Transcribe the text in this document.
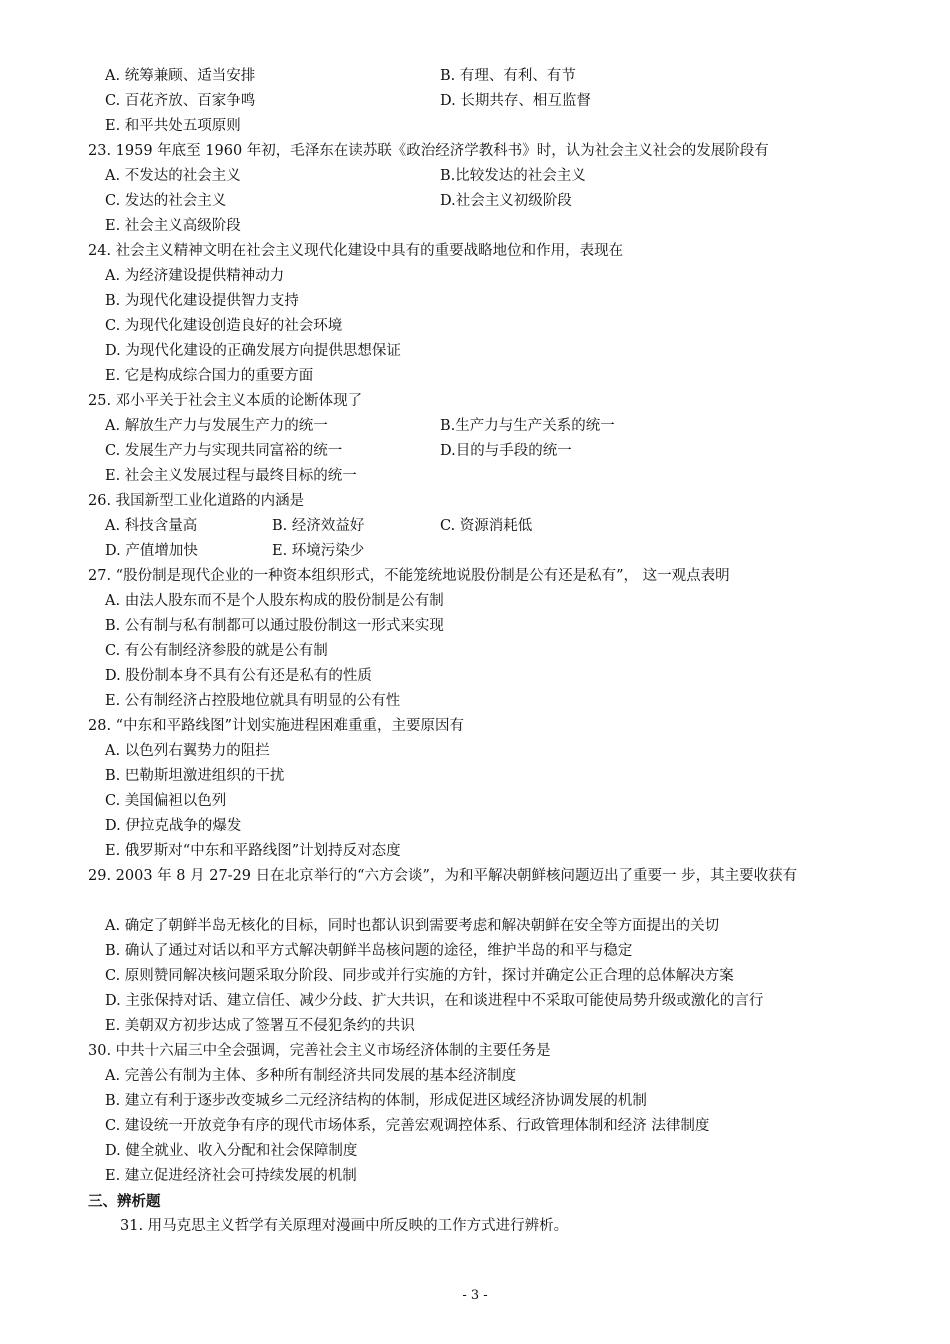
A. 统筹兼顾、适当安排	B. 有理、有利、有节
C. 百花齐放、百家争鸣	D. 长期共存、相互监督
E. 和平共处五项原则
23. 1959 年底至 1960 年初，毛泽东在读苏联《政治经济学教科书》时，认为社会主义社会的发展阶段有
A. 不发达的社会主义	B.比较发达的社会主义
C. 发达的社会主义	D.社会主义初级阶段
E. 社会主义高级阶段
24. 社会主义精神文明在社会主义现代化建设中具有的重要战略地位和作用，表现在
A. 为经济建设提供精神动力
B. 为现代化建设提供智力支持
C. 为现代化建设创造良好的社会环境
D. 为现代化建设的正确发展方向提供思想保证
E. 它是构成综合国力的重要方面
25. 邓小平关于社会主义本质的论断体现了
A. 解放生产力与发展生产力的统一	B.生产力与生产关系的统一
C. 发展生产力与实现共同富裕的统一	D.目的与手段的统一
E. 社会主义发展过程与最终目标的统一
26. 我国新型工业化道路的内涵是
A. 科技含量高	B. 经济效益好	C. 资源消耗低
D. 产值增加快	E. 环境污染少
27. “股份制是现代企业的一种资本组织形式，不能笼统地说股份制是公有还是私有”， 这一观点表明
A. 由法人股东而不是个人股东构成的股份制是公有制
B. 公有制与私有制都可以通过股份制这一形式来实现
C. 有公有制经济参股的就是公有制
D. 股份制本身不具有公有还是私有的性质
E. 公有制经济占控股地位就具有明显的公有性
28. “中东和平路线图”计划实施进程困难重重，主要原因有
A. 以色列右翼势力的阻拦
B. 巴勒斯坦激进组织的干扰
C. 美国偏袒以色列
D. 伊拉克战争的爆发
E. 俄罗斯对“中东和平路线图”计划持反对态度
29. 2003 年 8 月 27-29 日在北京举行的“六方会谈”，为和平解决朝鲜核问题迈出了重要一 步，其主要收获有
A. 确定了朝鲜半岛无核化的目标，同时也都认识到需要考虑和解决朝鲜在安全等方面提出的关切
B. 确认了通过对话以和平方式解决朝鲜半岛核问题的途径，维护半岛的和平与稳定
C. 原则赞同解决核问题采取分阶段、同步或并行实施的方针，探讨并确定公正合理的总体解决方案
D. 主张保持对话、建立信任、减少分歧、扩大共识，在和谈进程中不采取可能使局势升级或激化的言行
E. 美朝双方初步达成了签署互不侵犯条约的共识
30. 中共十六届三中全会强调，完善社会主义市场经济体制的主要任务是
A. 完善公有制为主体、多种所有制经济共同发展的基本经济制度
B. 建立有利于逐步改变城乡二元经济结构的体制，形成促进区域经济协调发展的机制
C. 建设统一开放竞争有序的现代市场体系，完善宏观调控体系、行政管理体制和经济 法律制度
D. 健全就业、收入分配和社会保障制度
E. 建立促进经济社会可持续发展的机制
三、辨析题
31. 用马克思主义哲学有关原理对漫画中所反映的工作方式进行辨析。
- 3 -
